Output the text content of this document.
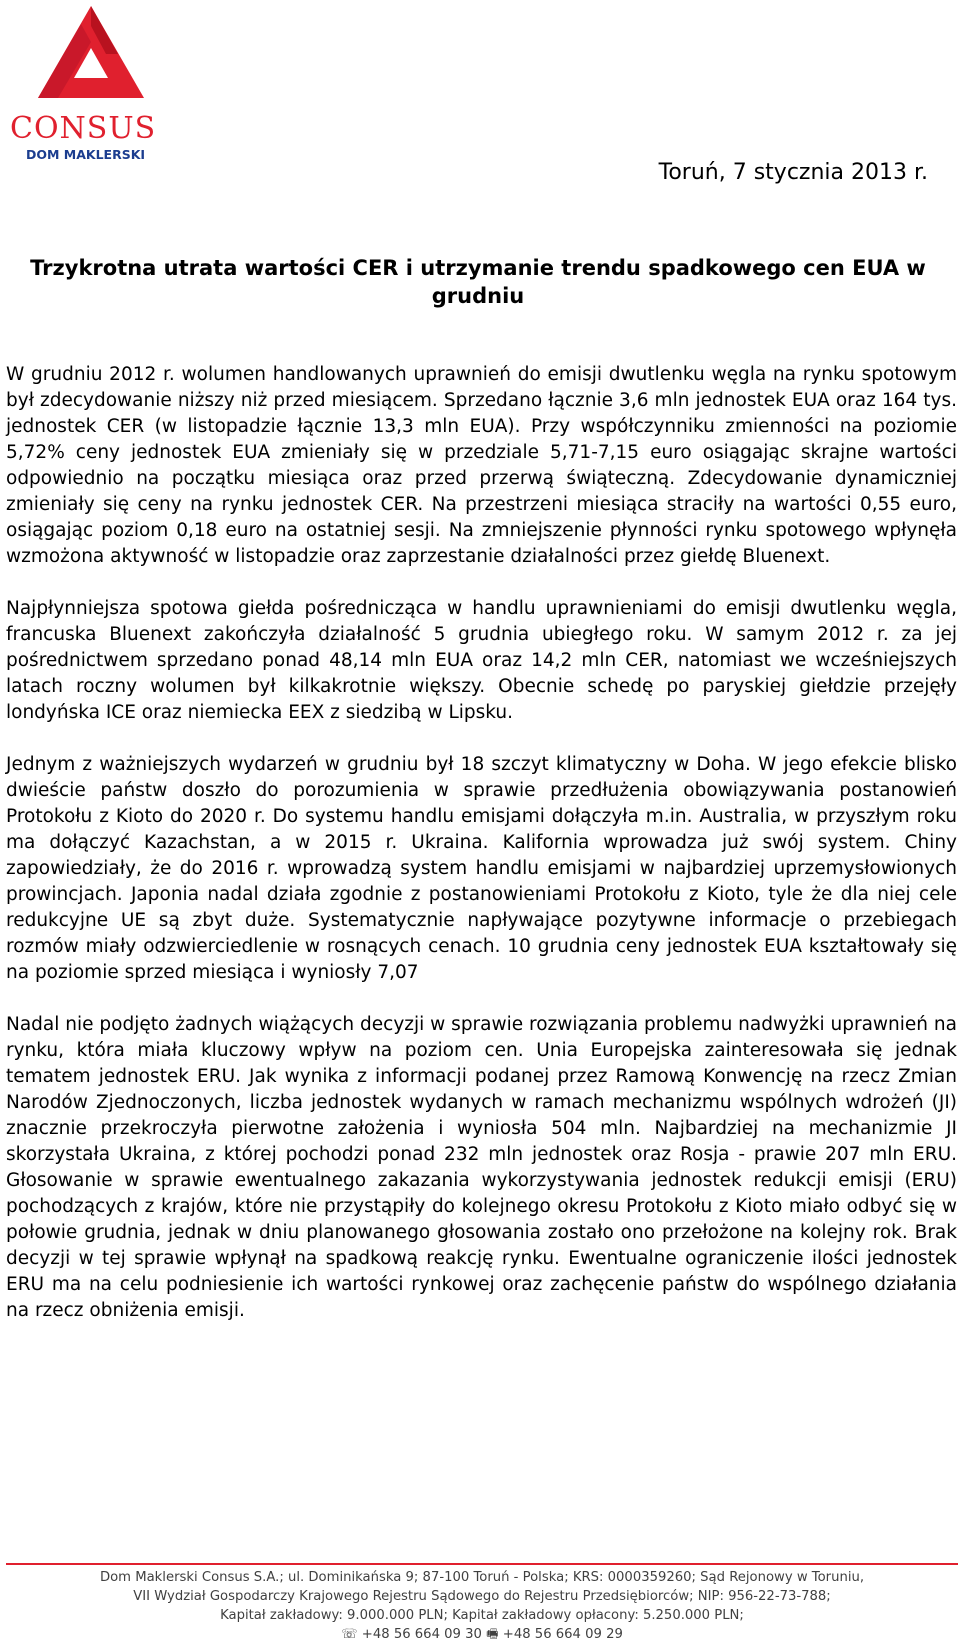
CONSUS
DOM MAKLERSKI
Toruń, 7 stycznia 2013 r.
Trzykrotna utrata wartości CER i utrzymanie trendu spadkowego cen EUA w grudniu

W grudniu 2012 r. wolumen handlowanych uprawnień do emisji dwutlenku węgla na rynku spotowym był zdecydowanie niższy niż przed miesiącem. Sprzedano łącznie 3,6 mln jednostek EUA oraz 164 tys. jednostek CER (w listopadzie łącznie 13,3 mln EUA). Przy współczynniku zmienności na poziomie 5,72% ceny jednostek EUA zmieniały się w przedziale 5,71-7,15 euro osiągając skrajne wartości odpowiednio na początku miesiąca oraz przed przerwą świąteczną. Zdecydowanie dynamiczniej zmieniały się ceny na rynku jednostek CER. Na przestrzeni miesiąca straciły na wartości 0,55 euro, osiągając poziom 0,18 euro na ostatniej sesji. Na zmniejszenie płynności rynku spotowego wpłynęła wzmożona aktywność w listopadzie oraz zaprzestanie działalności przez giełdę Bluenext.

Najpłynniejsza spotowa giełda pośrednicząca w handlu uprawnieniami do emisji dwutlenku węgla, francuska Bluenext zakończyła działalność 5 grudnia ubiegłego roku. W samym 2012 r. za jej pośrednictwem sprzedano ponad 48,14 mln EUA oraz 14,2 mln CER, natomiast we wcześniejszych latach roczny wolumen był kilkakrotnie większy. Obecnie schedę po paryskiej giełdzie przejęły londyńska ICE oraz niemiecka EEX z siedzibą w Lipsku.

Jednym z ważniejszych wydarzeń w grudniu był 18 szczyt klimatyczny w Doha. W jego efekcie blisko dwieście państw doszło do porozumienia w sprawie przedłużenia obowiązywania postanowień Protokołu z Kioto do 2020 r. Do systemu handlu emisjami dołączyła m.in. Australia, w przyszłym roku ma dołączyć Kazachstan, a w 2015 r. Ukraina. Kalifornia wprowadza już swój system. Chiny zapowiedziały, że do 2016 r. wprowadzą system handlu emisjami w najbardziej uprzemysłowionych prowincjach. Japonia nadal działa zgodnie z postanowieniami Protokołu z Kioto, tyle że dla niej cele redukcyjne UE są zbyt duże. Systematycznie napływające pozytywne informacje o przebiegach rozmów miały odzwierciedlenie w rosnących cenach. 10 grudnia ceny jednostek EUA kształtowały się na poziomie sprzed miesiąca i wyniosły 7,07

Nadal nie podjęto żadnych wiążących decyzji w sprawie rozwiązania problemu nadwyżki uprawnień na rynku, która miała kluczowy wpływ na poziom cen. Unia Europejska zainteresowała się jednak tematem jednostek ERU. Jak wynika z informacji podanej przez Ramową Konwencję na rzecz Zmian Narodów Zjednoczonych, liczba jednostek wydanych w ramach mechanizmu wspólnych wdrożeń (JI) znacznie przekroczyła pierwotne założenia i wyniosła 504 mln. Najbardziej na mechanizmie JI skorzystała Ukraina, z której pochodzi ponad 232 mln jednostek oraz Rosja - prawie 207 mln ERU. Głosowanie w sprawie ewentualnego zakazania wykorzystywania jednostek redukcji emisji (ERU) pochodzących z krajów, które nie przystąpiły do kolejnego okresu Protokołu z Kioto miało odbyć się w połowie grudnia, jednak w dniu planowanego głosowania zostało ono przełożone na kolejny rok. Brak decyzji w tej sprawie wpłynął na spadkową reakcję rynku. Ewentualne ograniczenie ilości jednostek ERU ma na celu podniesienie ich wartości rynkowej oraz zachęcenie państw do wspólnego działania na rzecz obniżenia emisji.

Dom Maklerski Consus S.A.; ul. Dominikańska 9; 87-100 Toruń - Polska; KRS: 0000359260; Sąd Rejonowy w Toruniu,
VII Wydział Gospodarczy Krajowego Rejestru Sądowego do Rejestru Przedsiębiorców; NIP: 956-22-73-788;
Kapitał zakładowy: 9.000.000 PLN; Kapitał zakładowy opłacony: 5.250.000 PLN;
☏ +48 56 664 09 30 🖷 +48 56 664 09 29
